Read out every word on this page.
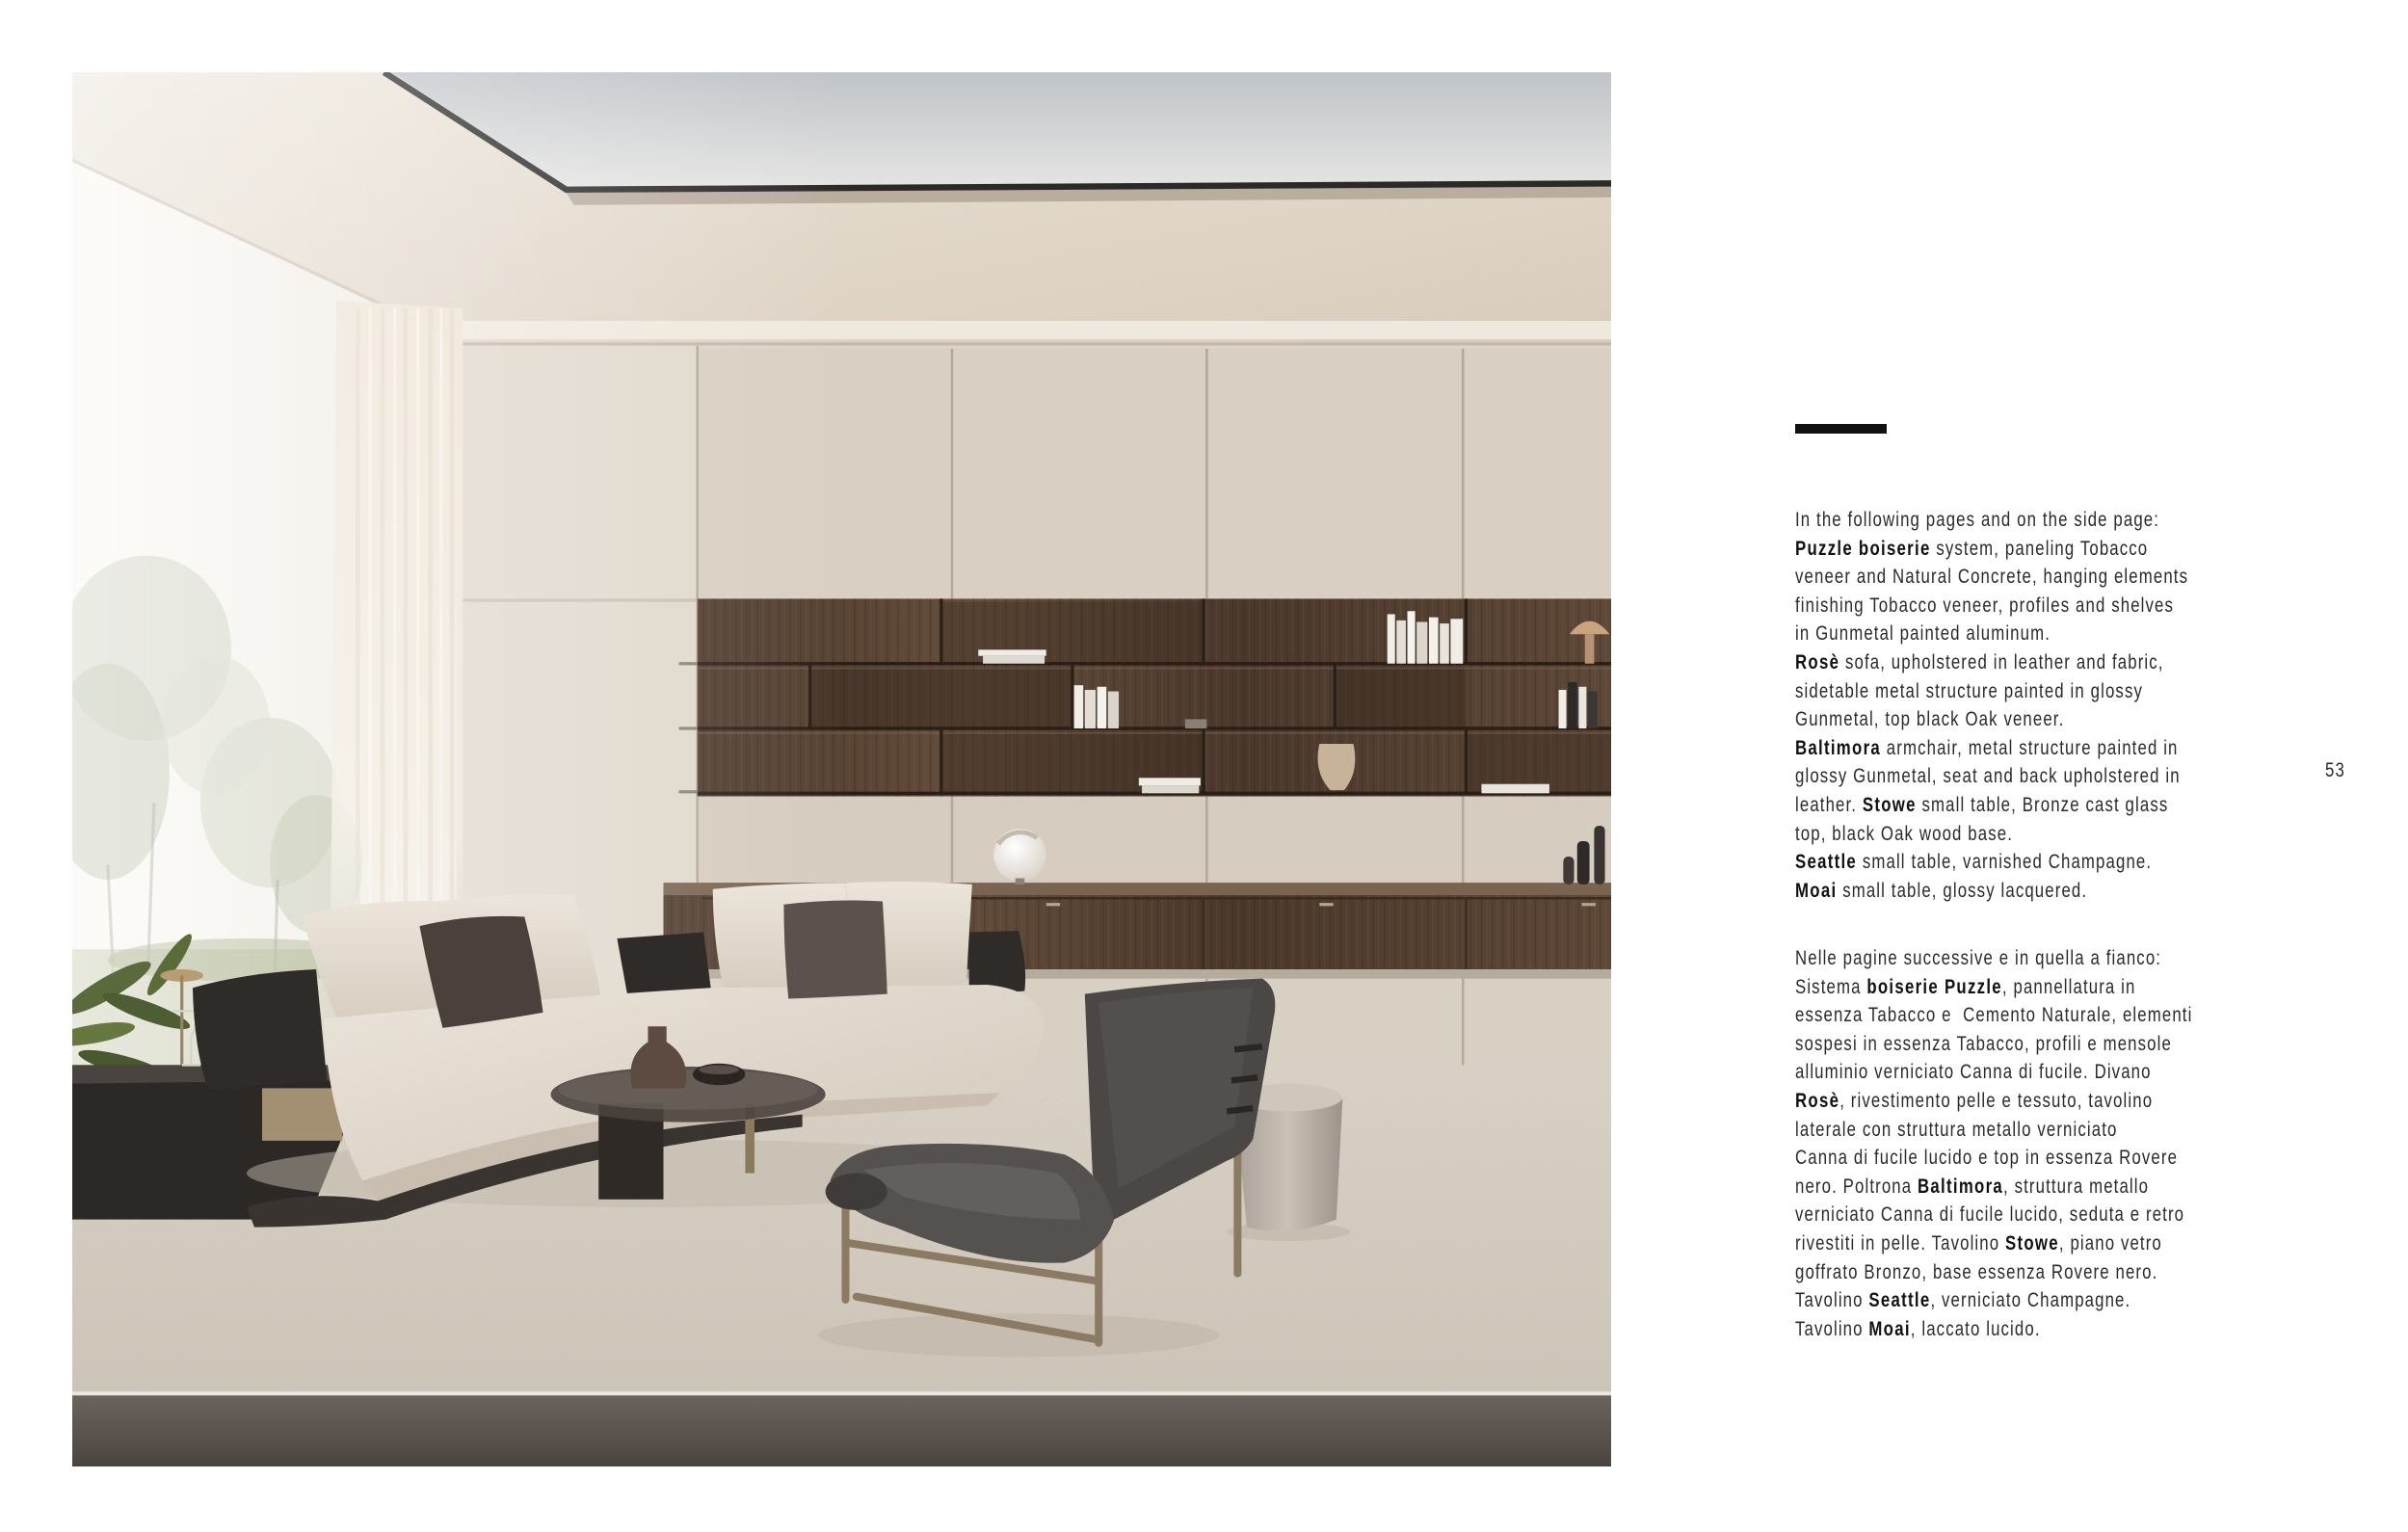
In the following pages and on the side page:
Puzzle boiserie system, paneling Tobacco
veneer and Natural Concrete, hanging elements
finishing Tobacco veneer, profiles and shelves
in Gunmetal painted aluminum.
Rosè sofa, upholstered in leather and fabric,
sidetable metal structure painted in glossy
Gunmetal, top black Oak veneer.
Baltimora armchair, metal structure painted in
glossy Gunmetal, seat and back upholstered in
leather. Stowe small table, Bronze cast glass
top, black Oak wood base.
Seattle small table, varnished Champagne.
Moai small table, glossy lacquered.
53
Nelle pagine successive e in quella a fianco:
Sistema boiserie Puzzle, pannellatura in
essenza Tabacco e  Cemento Naturale, elementi
sospesi in essenza Tabacco, profili e mensole
alluminio verniciato Canna di fucile. Divano
Rosè, rivestimento pelle e tessuto, tavolino
laterale con struttura metallo verniciato
Canna di fucile lucido e top in essenza Rovere
nero. Poltrona Baltimora, struttura metallo
verniciato Canna di fucile lucido, seduta e retro
rivestiti in pelle. Tavolino Stowe, piano vetro
goffrato Bronzo, base essenza Rovere nero.
Tavolino Seattle, verniciato Champagne.
Tavolino Moai, laccato lucido.
